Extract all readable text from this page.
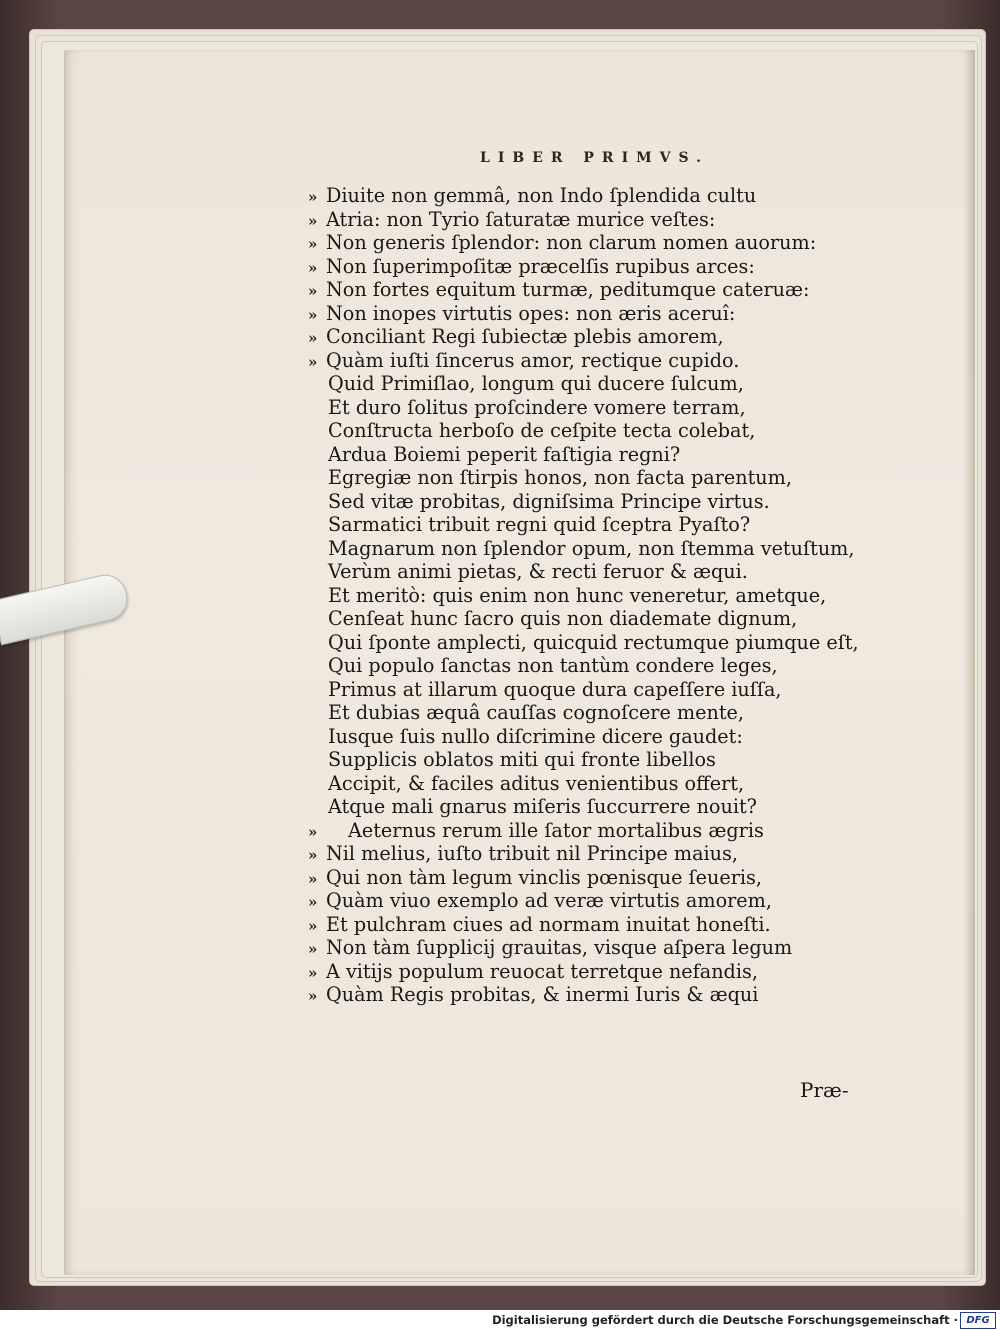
LIBER PRIMVS.
» Diuite non gemmâ, non Indo ſplendida cultu
» Atria: non Tyrio ſaturatæ murice veſtes:
» Non generis ſplendor: non clarum nomen auorum:
» Non ſuperimpoſitæ præcelſis rupibus arces:
» Non fortes equitum turmæ, peditumque cateruæ:
» Non inopes virtutis opes: non æris aceruî:
» Conciliant Regi ſubiectæ plebis amorem,
» Quàm iuſti ſincerus amor, rectique cupido.
Quid Primiſlao, longum qui ducere ſulcum,
Et duro ſolitus proſcindere vomere terram,
Conſtructa herboſo de ceſpite tecta colebat,
Ardua Boiemi peperit faſtigia regni?
Egregiæ non ſtirpis honos, non facta parentum,
Sed vitæ probitas, digniſsima Principe virtus.
Sarmatici tribuit regni quid ſceptra Pyaſto?
Magnarum non ſplendor opum, non ſtemma vetuſtum,
Verùm animi pietas, & recti feruor & æqui.
Et meritò: quis enim non hunc veneretur, ametque,
Cenſeat hunc ſacro quis non diademate dignum,
Qui ſponte amplecti, quicquid rectumque piumque eſt,
Qui populo ſanctas non tantùm condere leges,
Primus at illarum quoque dura capeſſere iuſſa,
Et dubias æquâ cauſſas cognoſcere mente,
Iusque ſuis nullo diſcrimine dicere gaudet:
Supplicis oblatos miti qui fronte libellos
Accipit, & faciles aditus venientibus offert,
Atque mali gnarus miſeris ſuccurrere nouit?
» Aeternus rerum ille ſator mortalibus ægris
» Nil melius, iuſto tribuit nil Principe maius,
» Qui non tàm legum vinclis pœnisque ſeueris,
» Quàm viuo exemplo ad veræ virtutis amorem,
» Et pulchram ciues ad normam inuitat honeſti.
» Non tàm ſupplicij grauitas, visque aſpera legum
» A vitijs populum reuocat terretque nefandis,
» Quàm Regis probitas, & inermi Iuris & æqui
Præ-
Digitalisierung gefördert durch die Deutsche Forschungsgemeinschaft · DFG
